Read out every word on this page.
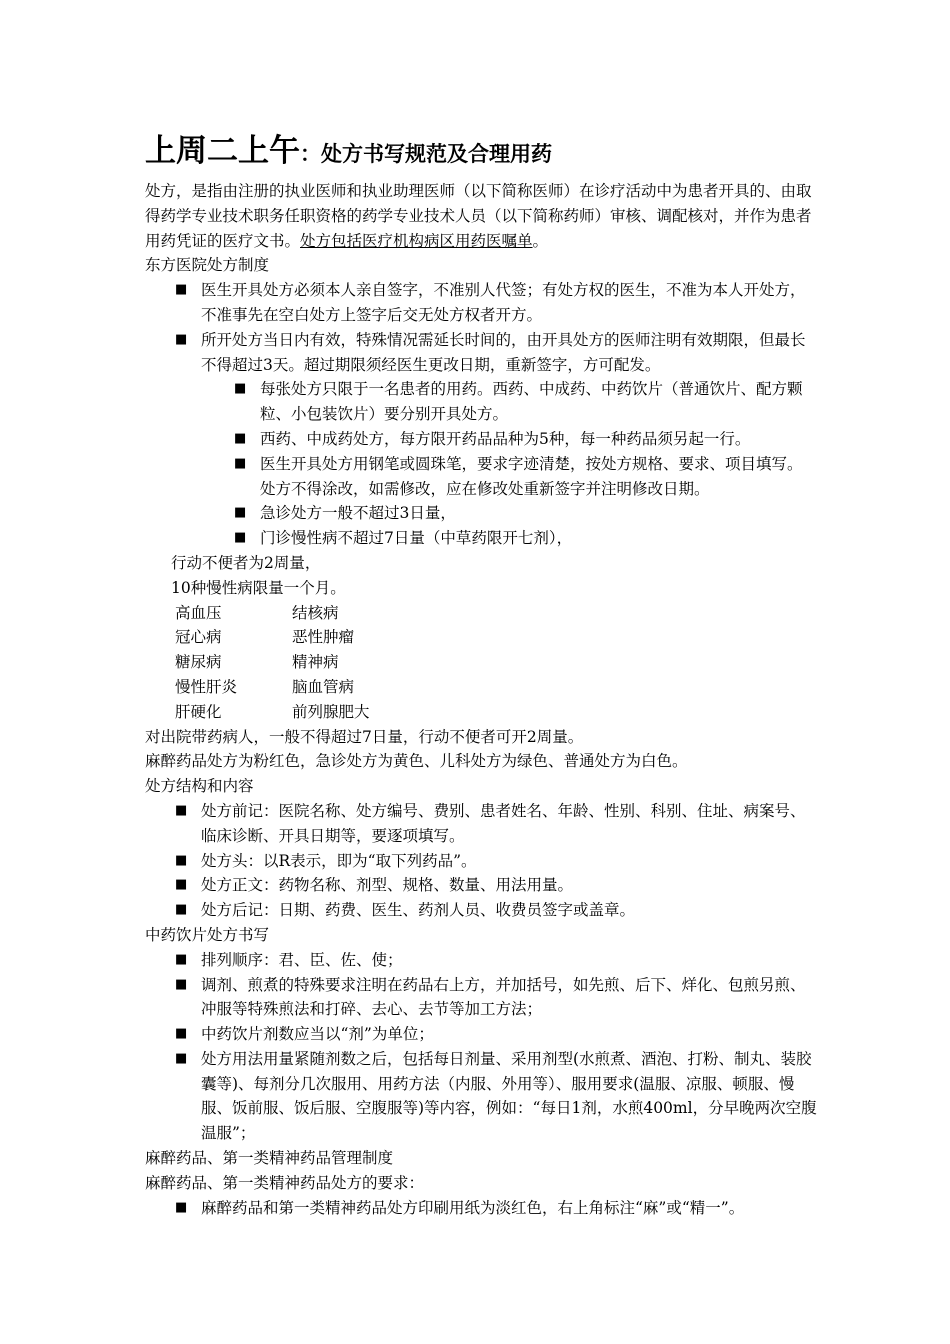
上周二上午：处方书写规范及合理用药

处方，是指由注册的执业医师和执业助理医师（以下简称医师）在诊疗活动中为患者开具的、由取得药学专业技术职务任职资格的药学专业技术人员（以下简称药师）审核、调配核对，并作为患者用药凭证的医疗文书。处方包括医疗机构病区用药医嘱单。

东方医院处方制度

■ 医生开具处方必须本人亲自签字，不准别人代签；有处方权的医生，不准为本人开处方，不准事先在空白处方上签字后交无处方权者开方。
■ 所开处方当日内有效，特殊情况需延长时间的，由开具处方的医师注明有效期限，但最长不得超过3天。超过期限须经医生更改日期，重新签字，方可配发。
■ 每张处方只限于一名患者的用药。西药、中成药、中药饮片（普通饮片、配方颗粒、小包装饮片）要分别开具处方。
■ 西药、中成药处方，每方限开药品品种为5种，每一种药品须另起一行。
■ 医生开具处方用钢笔或圆珠笔，要求字迹清楚，按处方规格、要求、项目填写。处方不得涂改，如需修改，应在修改处重新签字并注明修改日期。
■ 急诊处方一般不超过3日量，
■ 门诊慢性病不超过7日量（中草药限开七剂），

行动不便者为2周量，

10种慢性病限量一个月。

高血压	结核病
冠心病	恶性肿瘤
糖尿病	精神病
慢性肝炎	脑血管病
肝硬化	前列腺肥大

对出院带药病人，一般不得超过7日量，行动不便者可开2周量。

麻醉药品处方为粉红色，急诊处方为黄色、儿科处方为绿色、普通处方为白色。

处方结构和内容

■ 处方前记：医院名称、处方编号、费别、患者姓名、年龄、性别、科别、住址、病案号、临床诊断、开具日期等，要逐项填写。
■ 处方头：以R表示，即为“取下列药品”。
■ 处方正文：药物名称、剂型、规格、数量、用法用量。
■ 处方后记：日期、药费、医生、药剂人员、收费员签字或盖章。

中药饮片处方书写

■ 排列顺序：君、臣、佐、使；
■ 调剂、煎煮的特殊要求注明在药品右上方，并加括号，如先煎、后下、烊化、包煎另煎、冲服等特殊煎法和打碎、去心、去节等加工方法；
■ 中药饮片剂数应当以“剂”为单位；
■ 处方用法用量紧随剂数之后，包括每日剂量、采用剂型(水煎煮、酒泡、打粉、制丸、装胶囊等)、每剂分几次服用、用药方法（内服、外用等）、服用要求(温服、凉服、顿服、慢服、饭前服、饭后服、空腹服等)等内容，例如：“每日1剂，水煎400ml，分早晚两次空腹温服”；

麻醉药品、第一类精神药品管理制度

麻醉药品、第一类精神药品处方的要求：

■ 麻醉药品和第一类精神药品处方印刷用纸为淡红色，右上角标注“麻”或“精一”。
